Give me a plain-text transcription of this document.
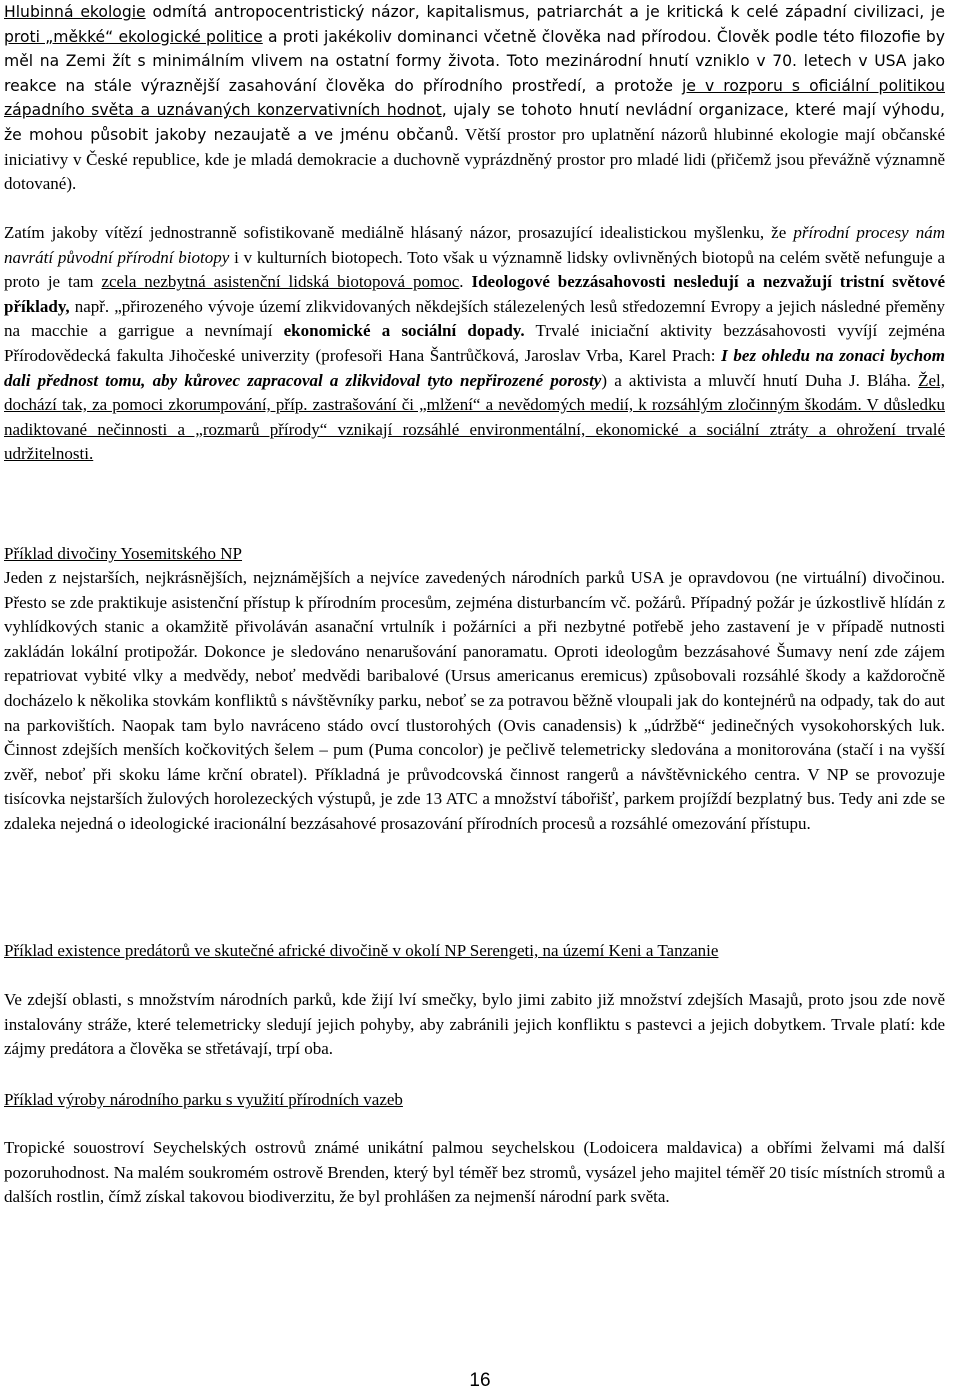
Hlubinná ekologie odmítá antropocentristický názor, kapitalismus, patriarchát a je kritická k celé západní civilizaci, je proti „měkké“ ekologické politice a proti jakékoliv dominanci včetně člověka nad přírodou. Člověk podle této filozofie by měl na Zemi žít s minimálním vlivem na ostatní formy života. Toto mezinárodní hnutí vzniklo v 70. letech v USA jako reakce na stále výraznější zasahování člověka do přírodního prostředí, a protože je v rozporu s oficiální politikou západního světa a uznávaných konzervativních hodnot, ujaly se tohoto hnutí nevládní organizace, které mají výhodu, že mohou působit jakoby nezaujatě a ve jménu občanů. Větší prostor pro uplatnění názorů hlubinné ekologie mají občanské iniciativy v České republice, kde je mladá demokracie a duchovně vyprázdněný prostor pro mladé lidi (přičemž jsou převážně významně dotované).

Zatím jakoby vítězí jednostranně sofistikovaně mediálně hlásaný názor, prosazující idealistickou myšlenku, že přírodní procesy nám navrátí původní přírodní biotopy i v kulturních biotopech. Toto však u významně lidsky ovlivněných biotopů na celém světě nefunguje a proto je tam zcela nezbytná asistenční lidská biotopová pomoc. Ideologové bezzásahovosti nesledují a nezvažují tristní světové příklady, např. „přirozeného vývoje území zlikvidovaných někdejších stálezelených lesů středozemní Evropy a jejich následné přeměny na macchie a garrigue a nevnímají ekonomické a sociální dopady. Trvalé iniciační aktivity bezzásahovosti vyvíjí zejména Přírodovědecká fakulta Jihočeské univerzity (profesoři Hana Šantrůčková, Jaroslav Vrba, Karel Prach: I bez ohledu na zonaci bychom dali přednost tomu, aby kůrovec zapracoval a zlikvidoval tyto nepřirozené porosty) a aktivista a mluvčí hnutí Duha J. Bláha. Žel, dochází tak, za pomoci zkorumpování, příp. zastrašování či „mlžení“ a nevědomých medií, k rozsáhlým zločinným škodám. V důsledku nadiktované nečinnosti a „rozmarů přírody“ vznikají rozsáhlé environmentální, ekonomické a sociální ztráty a ohrožení trvalé udržitelnosti.

Příklad divočiny Yosemitského NP

Jeden z nejstarších, nejkrásnějších, nejznámějších a nejvíce zavedených národních parků USA je opravdovou (ne virtuální) divočinou. Přesto se zde praktikuje asistenční přístup k přírodním procesům, zejména disturbancím vč. požárů. Případný požár je úzkostlivě hlídán z vyhlídkových stanic a okamžitě přivoláván asanační vrtulník i požárníci a při nezbytné potřebě jeho zastavení je v případě nutnosti zakládán lokální protipožár. Dokonce je sledováno nenarušování panoramatu. Oproti ideologům bezzásahové Šumavy není zde zájem repatriovat vybité vlky a medvědy, neboť medvědi baribalové (Ursus americanus eremicus) způsobovali rozsáhlé škody a každoročně docházelo k několika stovkám konfliktů s návštěvníky parku, neboť se za potravou běžně vloupali jak do kontejnérů na odpady, tak do aut na parkovištích. Naopak tam bylo navráceno stádo ovcí tlustorohých (Ovis canadensis) k „údržbě“ jedinečných vysokohorských luk. Činnost zdejších menších kočkovitých šelem – pum (Puma concolor) je pečlivě telemetricky sledována a monitorována (stačí i na vyšší zvěř, neboť při skoku láme krční obratel). Příkladná je průvodcovská činnost rangerů a návštěvnického centra. V NP se provozuje tisícovka nejstarších žulových horolezeckých výstupů, je zde 13 ATC a množství tábořišť, parkem projíždí bezplatný bus. Tedy ani zde se zdaleka nejedná o ideologické iracionální bezzásahové prosazování přírodních procesů a rozsáhlé omezování přístupu.

Příklad existence predátorů ve skutečné africké divočině v okolí NP Serengeti, na území Keni a Tanzanie

Ve zdejší oblasti, s množstvím národních parků, kde žijí lví smečky, bylo jimi zabito již množství zdejších Masajů, proto jsou zde nově instalovány stráže, které telemetricky sledují jejich pohyby, aby zabránili jejich konfliktu s pastevci a jejich dobytkem. Trvale platí: kde zájmy predátora a člověka se střetávají, trpí oba.

Příklad výroby národního parku s využití přírodních vazeb

Tropické souostroví Seychelských ostrovů známé unikátní palmou seychelskou (Lodoicera maldavica) a obřími želvami má další pozoruhodnost. Na malém soukromém ostrově Brenden, který byl téměř bez stromů, vysázel jeho majitel téměř 20 tisíc místních stromů a dalších rostlin, čímž získal takovou biodiverzitu, že byl prohlášen za nejmenší národní park světa.

16
